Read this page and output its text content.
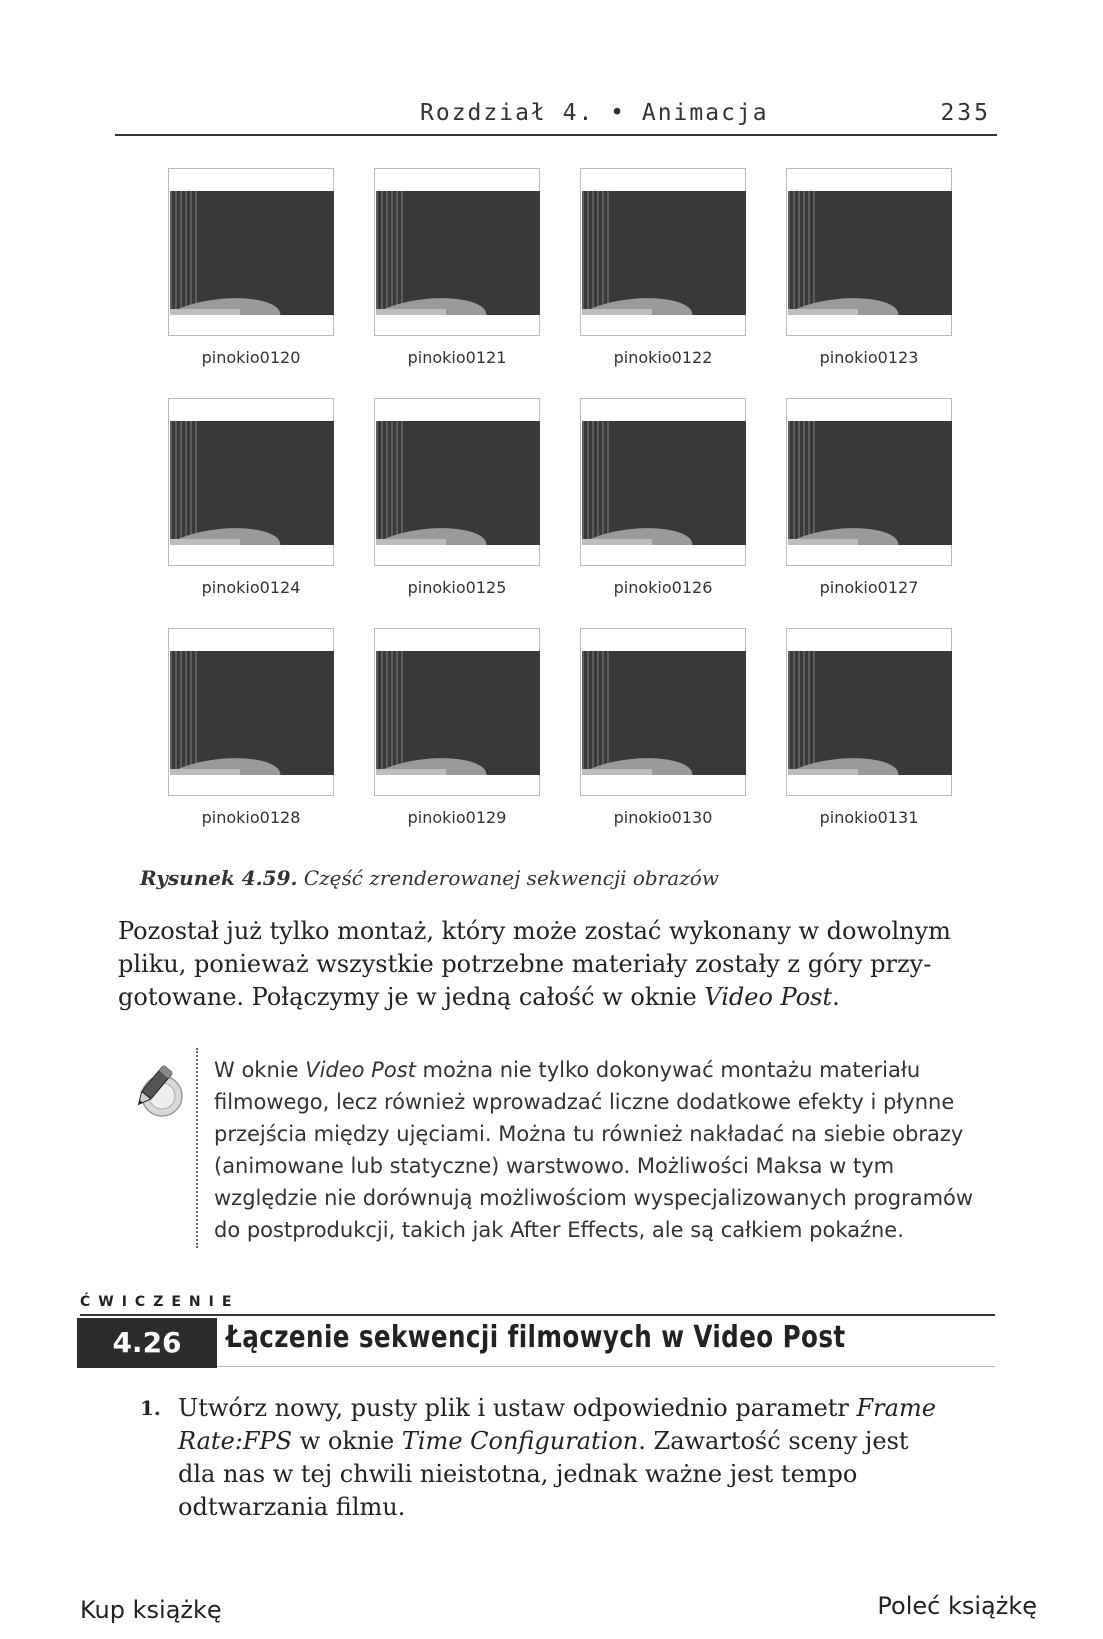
Rozdział 4. • Animacja	235
pinokio0120	pinokio0121	pinokio0122	pinokio0123
pinokio0124	pinokio0125	pinokio0126	pinokio0127
pinokio0128	pinokio0129	pinokio0130	pinokio0131
Rysunek 4.59. Część zrenderowanej sekwencji obrazów

Pozostał już tylko montaż, który może zostać wykonany w dowolnym

pliku, ponieważ wszystkie potrzebne materiały zostały z góry przy-

gotowane. Połączymy je w jedną całość w oknie Video Post.

W oknie Video Post można nie tylko dokonywać montażu materiału
filmowego, lecz również wprowadzać liczne dodatkowe efekty i płynne
przejścia między ujęciami. Można tu również nakładać na siebie obrazy
(animowane lub statyczne) warstwowo. Możliwości Maksa w tym
względzie nie dorównują możliwościom wyspecjalizowanych programów
do postprodukcji, takich jak After Effects, ale są całkiem pokaźne.
ĆWICZENIE
4.26	Łączenie sekwencji filmowych w Video Post
1. Utwórz nowy, pusty plik i ustaw odpowiednio parametr Frame

Rate:FPS w oknie Time Configuration. Zawartość sceny jest

dla nas w tej chwili nieistotna, jednak ważne jest tempo

odtwarzania filmu.

Kup książkę	Poleć książkę
